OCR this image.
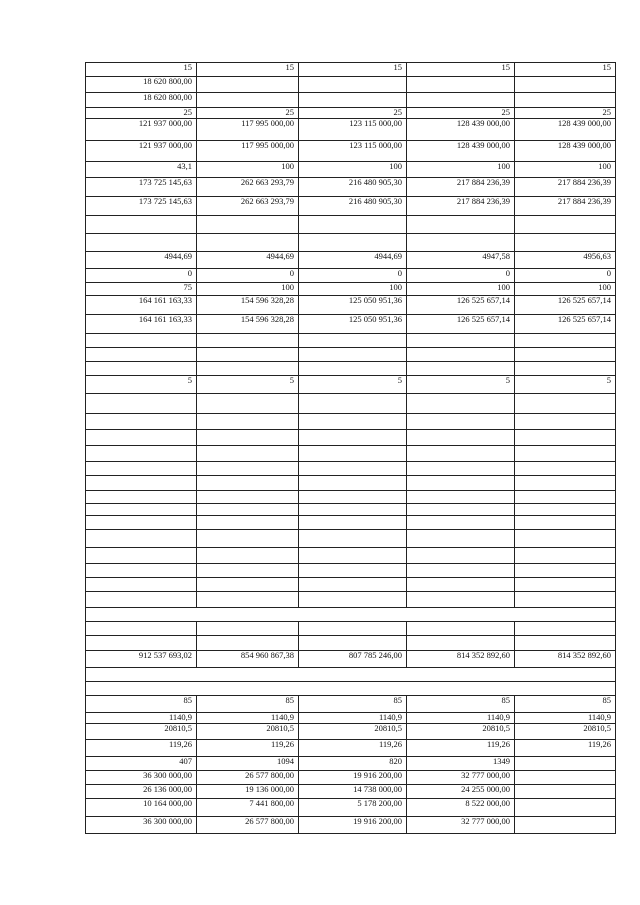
15	15	15	15	15
18 620 800,00				
18 620 800,00				
25	25	25	25	25
121 937 000,00	117 995 000,00	123 115 000,00	128 439 000,00	128 439 000,00
121 937 000,00	117 995 000,00	123 115 000,00	128 439 000,00	128 439 000,00
43,1	100	100	100	100
173 725 145,63	262 663 293,79	216 480 905,30	217 884 236,39	217 884 236,39
173 725 145,63	262 663 293,79	216 480 905,30	217 884 236,39	217 884 236,39

4944,69	4944,69	4944,69	4947,58	4956,63
0	0	0	0	0
75	100	100	100	100
164 161 163,33	154 596 328,28	125 050 951,36	126 525 657,14	126 525 657,14
164 161 163,33	154 596 328,28	125 050 951,36	126 525 657,14	126 525 657,14

5	5	5	5	5

912 537 693,02	854 960 867,38	807 785 246,00	814 352 892,60	814 352 892,60

85	85	85	85	85
1140,9	1140,9	1140,9	1140,9	1140,9
20810,5	20810,5	20810,5	20810,5	20810,5
119,26	119,26	119,26	119,26	119,26
407	1094	820	1349	
36 300 000,00	26 577 800,00	19 916 200,00	32 777 000,00	
26 136 000,00	19 136 000,00	14 738 000,00	24 255 000,00	
10 164 000,00	7 441 800,00	5 178 200,00	8 522 000,00	
36 300 000,00	26 577 800,00	19 916 200,00	32 777 000,00	
